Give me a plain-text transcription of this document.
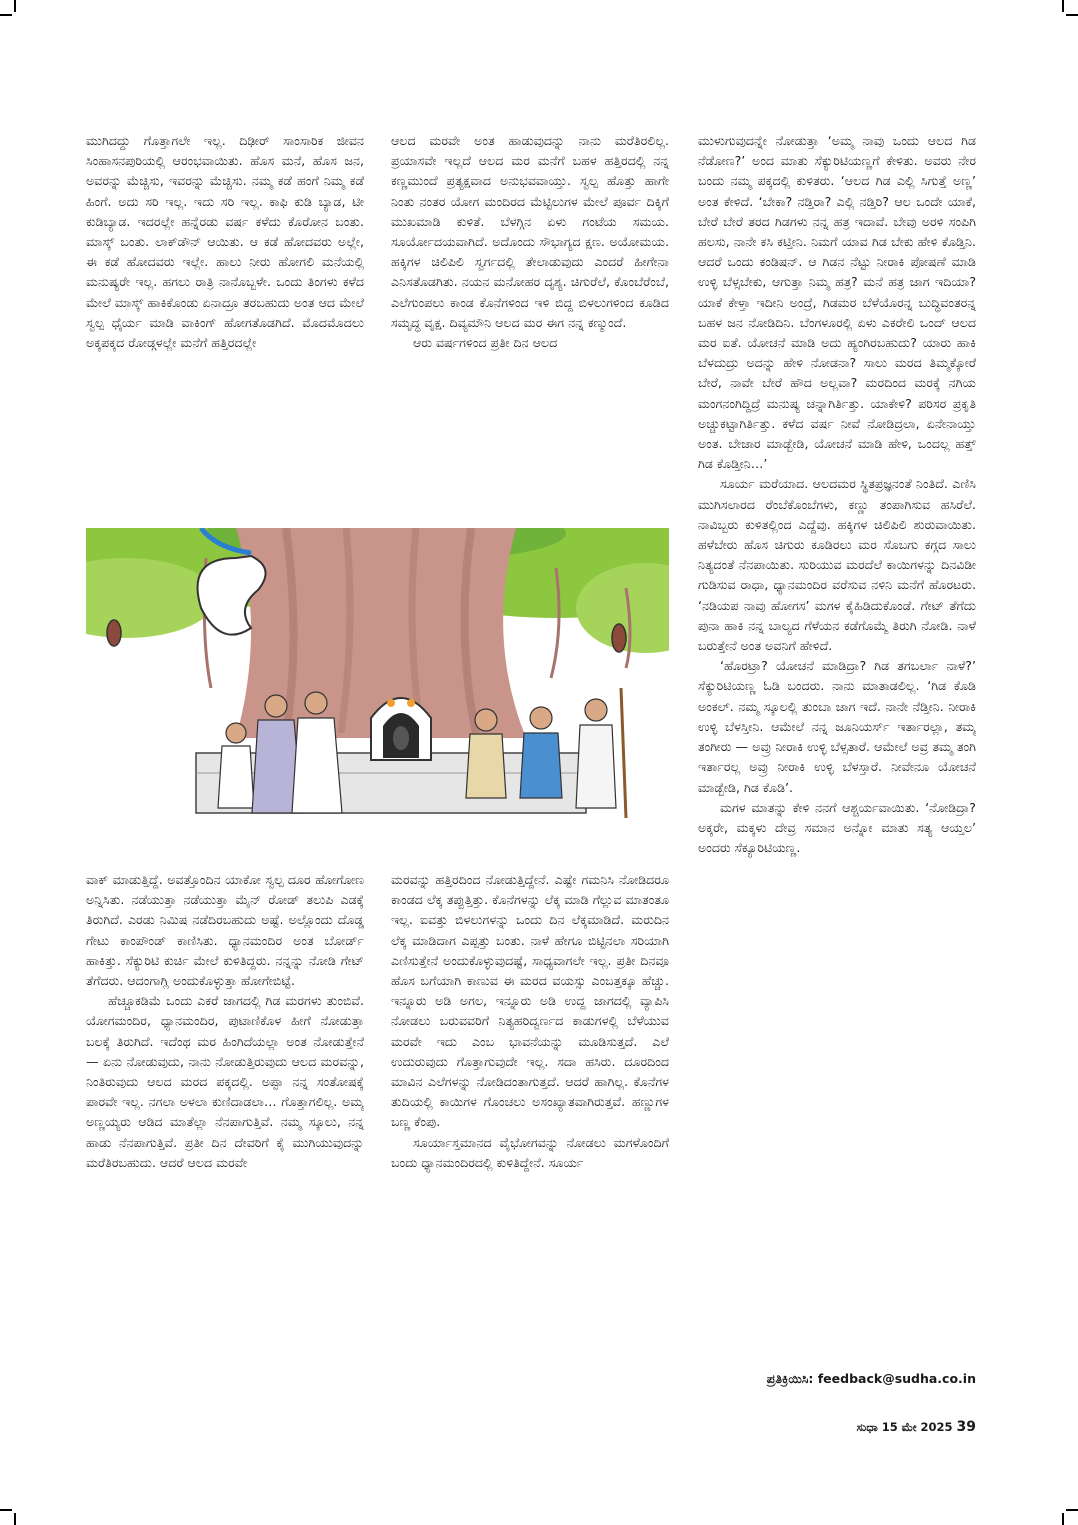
ಮುಗಿದದ್ದು ಗೊತ್ತಾಗಲೇ ಇಲ್ಲ. ದಿಢೀರ್ ಸಾಂಸಾರಿಕ ಜೀವನ ಸಿಂಹಾಸನಪುರಿಯಲ್ಲಿ ಆರಂಭವಾಯಿತು. ಹೊಸ ಮನೆ, ಹೊಸ ಜನ, ಅವರನ್ನು ಮೆಚ್ಚಿಸು, ಇವರನ್ನು ಮೆಚ್ಚಿಸು. ನಮ್ಮ ಕಡೆ ಹಂಗೆ ನಿಮ್ಮ ಕಡೆ ಹಿಂಗೆ. ಅದು ಸರಿ ಇಲ್ಲ. ಇದು ಸರಿ ಇಲ್ಲ. ಕಾಫಿ ಕುಡಿ ಬ್ಯಾಡ, ಟೀ ಕುಡಿಬ್ಯಾಡ. ಇದರಲ್ಲೇ ಹನ್ನೆರಡು ವರ್ಷ ಕಳೆದು ಕೊರೋನ ಬಂತು. ಮಾಸ್ಕ್ ಬಂತು. ಲಾಕ್‌ಡೌನ್ ಆಯಿತು. ಆ ಕಡೆ ಹೋದವರು ಅಲ್ಲೇ, ಈ ಕಡೆ ಹೋದವರು ಇಲ್ಲೇ. ಹಾಲು ನೀರು ಹೋಗಲಿ ಮನೆಯಲ್ಲಿ ಮನುಷ್ಯರೇ ಇಲ್ಲ. ಹಗಲು ರಾತ್ರಿ ನಾನೊಬ್ಬಳೇ. ಒಂದು ತಿಂಗಳು ಕಳೆದ ಮೇಲೆ ಮಾಸ್ಕ್ ಹಾಕಿಕೊಂಡು ಏನಾದ್ರೂ ತರಬಹುದು ಅಂತ ಆದ ಮೇಲೆ ಸ್ವಲ್ಪ ಧೈರ್ಯ ಮಾಡಿ ವಾಕಿಂಗ್ ಹೋಗತೊಡಗಿದೆ. ಮೊದಮೊದಲು ಅಕ್ಕಪಕ್ಕದ ರೋಡ್ಗಳಲ್ಲೇ ಮನೆಗೆ ಹತ್ತಿರದಲ್ಲೇ

ಆಲದ ಮರವೇ ಅಂತ ಹಾಡುವುದನ್ನು ನಾನು ಮರೆತಿರಲಿಲ್ಲ. ಪ್ರಯಾಸವೇ ಇಲ್ಲದೆ ಆಲದ ಮರ ಮನೆಗೆ ಬಹಳ ಹತ್ತಿರದಲ್ಲಿ ನನ್ನ ಕಣ್ಣಮುಂದೆ ಪ್ರತ್ಯಕ್ಷವಾದ ಅನುಭವವಾಯ್ತು. ಸ್ವಲ್ಪ ಹೊತ್ತು ಹಾಗೇ ನಿಂತು ನಂತರ ಯೋಗ ಮಂದಿರದ ಮೆಟ್ಟಿಲುಗಳ ಮೇಲೆ ಪೂರ್ವ ದಿಕ್ಕಿಗೆ ಮುಖಮಾಡಿ ಕುಳಿತೆ. ಬೆಳಗ್ಗಿನ ಏಳು ಗಂಟೆಯ ಸಮಯ. ಸೂರ್ಯೋದಯವಾಗಿದೆ. ಅದೊಂದು ಸೌಭಾಗ್ಯದ ಕ್ಷಣ. ಅಯೋಮಯ. ಹಕ್ಕಿಗಳ ಚಿಲಿಪಿಲಿ ಸ್ವರ್ಗದಲ್ಲಿ ತೇಲಾಡುವುದು ಎಂದರೆ ಹೀಗೇನಾ ಎನಿಸತೊಡಗಿತು. ನಯನ ಮನೋಹರ ದೃಶ್ಯ. ಚಿಗುರೆಲೆ, ಕೊಂಬೆರೆಂಬೆ, ಎಲೆಗುಂಪಲು ಕಾಂಡ ಕೊನೆಗಳಿಂದ ಇಳಿ ಬಿದ್ದ ಬಿಳಲುಗಳಿಂದ ಕೂಡಿದ ಸಮೃದ್ಧ ವೃಕ್ಷ. ದಿವ್ಯಮೌನಿ ಆಲದ ಮರ ಈಗ ನನ್ನ ಕಣ್ಮುಂದೆ.

ಆರು ವರ್ಷಗಳಿಂದ ಪ್ರತೀ ದಿನ ಆಲದ

ಮುಳುಗುವುದನ್ನೇ ನೋಡುತ್ತಾ ‘ಅಮ್ಮ ನಾವು ಒಂದು ಆಲದ ಗಿಡ ನೆಡೋಣ?’ ಅಂದ ಮಾತು ಸೆಕ್ಯುರಿಟಿಯಣ್ಣಗೆ ಕೇಳಿತು. ಅವರು ನೇರ ಬಂದು ನಮ್ಮ ಪಕ್ಕದಲ್ಲಿ ಕುಳಿತರು. ‘ಆಲದ ಗಿಡ ಎಲ್ಲಿ ಸಿಗುತ್ತೆ ಅಣ್ಣ’ ಅಂತ ಕೇಳಿದೆ. ‘ಬೇಕಾ? ನಡ್ತಿರಾ? ಎಲ್ಲಿ ನಡ್ತಿರಿ? ಆಲ ಒಂದೇ ಯಾಕೆ, ಬೇರೆ ಬೇರೆ ತರದ ಗಿಡಗಳು ನನ್ನ ಹತ್ರ ಇದಾವೆ. ಬೇವು ಅರಳಿ ಸಂಪಿಗಿ ಹಲಸು, ನಾನೇ ಕಸಿ ಕಟ್ತೀನಿ. ನಿಮಗೆ ಯಾವ ಗಿಡ ಬೇಕು ಹೇಳಿ ಕೊಡ್ತಿನಿ. ಆದರೆ ಒಂದು ಕಂಡಿಷನ್. ಆ ಗಿಡನ ನೆಟ್ಟು ನೀರಾಕಿ ಪೋಷಣೆ ಮಾಡಿ ಉಳ್ಳಿ ಬೆಳ್ಸಬೇಕು, ಆಗುತ್ತಾ ನಿಮ್ಮ ಹತ್ರ? ಮನೆ ಹತ್ರ ಜಾಗ ಇದಿಯಾ? ಯಾಕೆ ಕೇಳ್ತಾ ಇದೀನಿ ಅಂದ್ರೆ, ಗಿಡಮರ ಬೆಳೆಯೊರನ್ನ ಬುದ್ಧಿವಂತರನ್ನ ಬಹಳ ಜನ ನೋಡಿದಿನಿ. ಬೆಂಗಳೂರಲ್ಲಿ ಏಳು ಎಕರೇಲಿ ಒಂದ್ ಆಲದ ಮರ ಐತೆ. ಯೋಚನೆ ಮಾಡಿ ಅದು ಹ್ಯಂಗಿರಬಹುದು? ಯಾರು ಹಾಕಿ ಬೆಳದುದ್ರು ಅದನ್ನು ಹೇಳಿ ನೋಡನಾ? ಸಾಲು ಮರದ ತಿಮ್ಮಕ್ಕೋರೆ ಬೇರೆ, ನಾವೇ ಬೇರೆ ಹೌದ ಅಲ್ಲವಾ? ಮರದಿಂದ ಮರಕ್ಕೆ ನಗಿಯ ಮಂಗನಂಗಿದ್ದಿದ್ರೆ ಮನುಷ್ಯ ಚನ್ನಾಗಿರ್ತಿತ್ತು. ಯಾಕೇಳಿ? ಪರಿಸರ ಪ್ರಕೃತಿ ಅಚ್ಚುಕಟ್ಟಾಗಿರ್ತಿತ್ತು. ಕಳೆದ ವರ್ಷ ನೀವೆ ನೋಡಿದ್ರಲಾ, ಏನೇನಾಯ್ತು ಅಂತ. ಬೇಜಾರ ಮಾಡ್ಬೇಡಿ, ಯೋಚನೆ ಮಾಡಿ ಹೇಳಿ, ಒಂದಲ್ಲ ಹತ್ತ್ ಗಿಡ ಕೊಡ್ತೀನಿ…’

ಸೂರ್ಯ ಮರೆಯಾದ. ಆಲದಮರ ಸ್ಥಿತಪ್ರಜ್ಞನಂತೆ ನಿಂತಿದೆ. ಎಣಿಸಿ ಮುಗಿಸಲಾರದ ರೆಂಬೆಕೊಂಬೆಗಳು, ಕಣ್ಣು ತಂಪಾಗಿಸುವ ಹಸಿರೆಲೆ. ನಾವಿಬ್ಬರು ಕುಳಿತಲ್ಲಿಂದ ಎದ್ದೆವು. ಹಕ್ಕಿಗಳ ಚಿಲಿಪಿಲಿ ಶುರುವಾಯಿತು. ಹಳೆಬೇರು ಹೊಸ ಚಿಗುರು ಕೂಡಿರಲು ಮರ ಸೊಬಗು ಕಗ್ಗದ ಸಾಲು ನಿತ್ಯದಂತೆ ನೆನಪಾಯಿತು. ಸುರಿಯುವ ಮರದೆಲೆ ಕಾಯಿಗಳನ್ನು ದಿನವಿಡೀ ಗುಡಿಸುವ ರಾಧಾ, ಧ್ಯಾನಮಂದಿರ ವರೆಸುವ ನಳಿನಿ ಮನೆಗೆ ಹೊರಟರು. ‘ನಡಿಯಪ ನಾವು ಹೋಗಸ’ ಮಗಳ ಕೈಹಿಡಿದುಕೊಂಡೆ. ಗೇಟ್ ತೆಗೆದು ಪುನಾ ಹಾಕಿ ನನ್ನ ಬಾಲ್ಯದ ಗೆಳೆಯನ ಕಡೆಗೊಮ್ಮೆ ತಿರುಗಿ ನೋಡಿ. ನಾಳೆ ಬರುತ್ತೇನೆ ಅಂತ ಅವನಿಗೆ ಹೇಳಿದೆ.

‘ಹೊರಟ್ರಾ? ಯೋಚನೆ ಮಾಡಿದ್ರಾ? ಗಿಡ ತಗಬರ್ಲಾ ನಾಳೆ?’ ಸೆಕ್ಯುರಿಟಿಯಣ್ಣ ಓಡಿ ಬಂದರು. ನಾನು ಮಾತಾಡಲಿಲ್ಲ. ‘ಗಿಡ ಕೊಡಿ ಅಂಕಲ್. ನಮ್ಮ ಸ್ಕೂಲಲ್ಲಿ ತುಂಬಾ ಜಾಗ ಇದೆ. ನಾನೇ ನೆಡ್ತೀನಿ. ನೀರಾಕಿ ಉಳ್ಳಿ ಬೆಳಸ್ತೀನಿ. ಆಮೇಲೆ ನನ್ನ ಜೂನಿಯರ್ಸ್ ಇರ್ತಾರಲ್ಲಾ, ತಮ್ಮ ತಂಗೀರು — ಅವ್ರು ನೀರಾಕಿ ಉಳ್ಳಿ ಬೆಳ್ಸತಾರೆ. ಆಮೇಲೆ ಅವ್ರ ತಮ್ಮ ತಂಗಿ ಇರ್ತಾರಲ್ಲ ಅವ್ರು ನೀರಾಕಿ ಉಳ್ಳಿ ಬೆಳಸ್ತಾರೆ. ನೀವೇನೂ ಯೋಚನೆ ಮಾಡ್ಬೇಡಿ, ಗಿಡ ಕೊಡಿ’.

ಮಗಳ ಮಾತನ್ನು ಕೇಳಿ ನನಗೆ ಆಶ್ಚರ್ಯವಾಯಿತು. ‘ನೋಡಿದ್ರಾ? ಅಕ್ಕರೇ, ಮಕ್ಕಳು ದೇವ್ರ ಸಮಾನ ಅನ್ನೋ ಮಾತು ಸತ್ಯ ಆಯ್ತಲ’ ಅಂದರು ಸೆಕ್ಯೂರಿಟಿಯಣ್ಣ.

ವಾಕ್ ಮಾಡುತ್ತಿದ್ದೆ. ಅವತ್ತೊಂದಿನ ಯಾಕೋ ಸ್ವಲ್ಪ ದೂರ ಹೋಗೋಣ ಅನ್ನಿಸಿತು. ನಡೆಯುತ್ತಾ ನಡೆಯುತ್ತಾ ಮೈನ್ ರೋಡ್ ತಲುಪಿ ಎಡಕ್ಕೆ ತಿರುಗಿದೆ. ಎರಡು ನಿಮಿಷ ನಡೆದಿರಬಹುದು ಅಷ್ಟೆ. ಅಲ್ಲೊಂದು ದೊಡ್ಡ ಗೇಟು ಕಾಂಪೌಂಡ್ ಕಾಣಿಸಿತು. ಧ್ಯಾನಮಂದಿರ ಅಂತ ಬೋರ್ಡ್ ಹಾಕಿತ್ತು. ಸೆಕ್ಯುರಿಟಿ ಕುರ್ಚಿ ಮೇಲೆ ಕುಳಿತಿದ್ದರು. ನನ್ನನ್ನು ನೋಡಿ ಗೇಟ್ ತೆಗೆದರು. ಆದಂಗಾಗ್ಲಿ ಅಂದುಕೊಳ್ಳುತ್ತಾ ಹೋಗೇಬಿಟ್ಟೆ.

ಹೆಚ್ಚೂಕಡಿಮೆ ಒಂದು ಎಕರೆ ಜಾಗದಲ್ಲಿ ಗಿಡ ಮರಗಳು ತುಂಬಿವೆ. ಯೋಗಮಂದಿರ, ಧ್ಯಾನಮಂದಿರ, ಪುಟಾಣಿಕೊಳ ಹೀಗೆ ನೋಡುತ್ತಾ ಬಲಕ್ಕೆ ತಿರುಗಿದೆ. ಇದೆಂಥ ಮರ ಹಿಂಗಿದೆಯಲ್ಲಾ ಅಂತ ನೋಡುತ್ತೇನೆ — ಏನು ನೋಡುವುದು, ನಾನು ನೋಡುತ್ತಿರುವುದು ಆಲದ ಮರವನ್ನು, ನಿಂತಿರುವುದು ಆಲದ ಮರದ ಪಕ್ಕದಲ್ಲಿ. ಅಪ್ಪಾ ನನ್ನ ಸಂತೋಷಕ್ಕೆ ಪಾರವೇ ಇಲ್ಲ. ನಗಲಾ ಅಳಲಾ ಕುಣಿದಾಡಲಾ… ಗೊತ್ತಾಗಲಿಲ್ಲ. ಅಮ್ಮ ಅಣ್ಣಯ್ಯರು ಆಡಿದ ಮಾತೆಲ್ಲಾ ನೆನಪಾಗುತ್ತಿವೆ. ನಮ್ಮ ಸ್ಕೂಲು, ನನ್ನ ಹಾಡು ನೆನಪಾಗುತ್ತಿವೆ. ಪ್ರತೀ ದಿನ ದೇವರಿಗೆ ಕೈ ಮುಗಿಯುವುದನ್ನು ಮರೆತಿರಬಹುದು. ಆದರೆ ಆಲದ ಮರವೇ

ಮರವನ್ನು ಹತ್ತಿರದಿಂದ ನೋಡುತ್ತಿದ್ದೇನೆ. ಎಷ್ಟೇ ಗಮನಿಸಿ ನೋಡಿದರೂ ಕಾಂಡದ ಲೆಕ್ಕ ತಪ್ಪುತ್ತಿತ್ತು. ಕೊನೆಗಳನ್ನು ಲೆಕ್ಕ ಮಾಡಿ ಗೆಲ್ಲುವ ಮಾತಂತೂ ಇಲ್ಲ. ಐವತ್ತು ಬಿಳಲುಗಳನ್ನು ಒಂದು ದಿನ ಲೆಕ್ಕಮಾಡಿದೆ. ಮರುದಿನ ಲೆಕ್ಕ ಮಾಡಿದಾಗ ಎಪ್ಪತ್ತು ಬಂತು. ನಾಳೆ ಹೇಗೂ ಬಿಟ್ಟಿನಲಾ ಸರಿಯಾಗಿ ಎಣಿಸುತ್ತೇನೆ ಅಂದುಕೊಳ್ಳುವುದಷ್ಟೆ, ಸಾಧ್ಯವಾಗಲೇ ಇಲ್ಲ. ಪ್ರತೀ ದಿನವೂ ಹೊಸ ಬಗೆಯಾಗಿ ಕಾಣುವ ಈ ಮರದ ವಯಸ್ಸು ಎಂಬತ್ತಕ್ಕೂ ಹೆಚ್ಚು. ಇನ್ನೂರು ಅಡಿ ಅಗಲ, ಇನ್ನೂರು ಅಡಿ ಉದ್ದ ಜಾಗದಲ್ಲಿ ವ್ಯಾಪಿಸಿ ನೋಡಲು ಬರುವವರಿಗೆ ನಿತ್ಯಹರಿದ್ವರ್ಣದ ಕಾಡುಗಳಲ್ಲಿ ಬೆಳೆಯುವ ಮರವೇ ಇದು ಎಂಬ ಭಾವನೆಯನ್ನು ಮೂಡಿಸುತ್ತದೆ. ಎಲೆ ಉದುರುವುದು ಗೊತ್ತಾಗುವುದೇ ಇಲ್ಲ. ಸದಾ ಹಸಿರು. ದೂರದಿಂದ ಮಾವಿನ ಎಲೆಗಳನ್ನು ನೋಡಿದಂತಾಗುತ್ತದೆ. ಆದರೆ ಹಾಗಿಲ್ಲ. ಕೊನೆಗಳ ತುದಿಯಲ್ಲಿ ಕಾಯಿಗಳ ಗೊಂಚಲು ಅಸಂಖ್ಯಾತವಾಗಿರುತ್ತವೆ. ಹಣ್ಣುಗಳ ಬಣ್ಣ ಕೆಂಪು.

ಸೂರ್ಯಾಸ್ತಮಾನದ ವೈಭೋಗವನ್ನು ನೋಡಲು ಮಗಳೊಂದಿಗೆ ಬಂದು ಧ್ಯಾನಮಂದಿರದಲ್ಲಿ ಕುಳಿತಿದ್ದೇನೆ. ಸೂರ್ಯ

ಪ್ರತಿಕ್ರಿಯಿಸಿ: feedback@sudha.co.in
ಸುಧಾ 15 ಮೇ 2025 39
